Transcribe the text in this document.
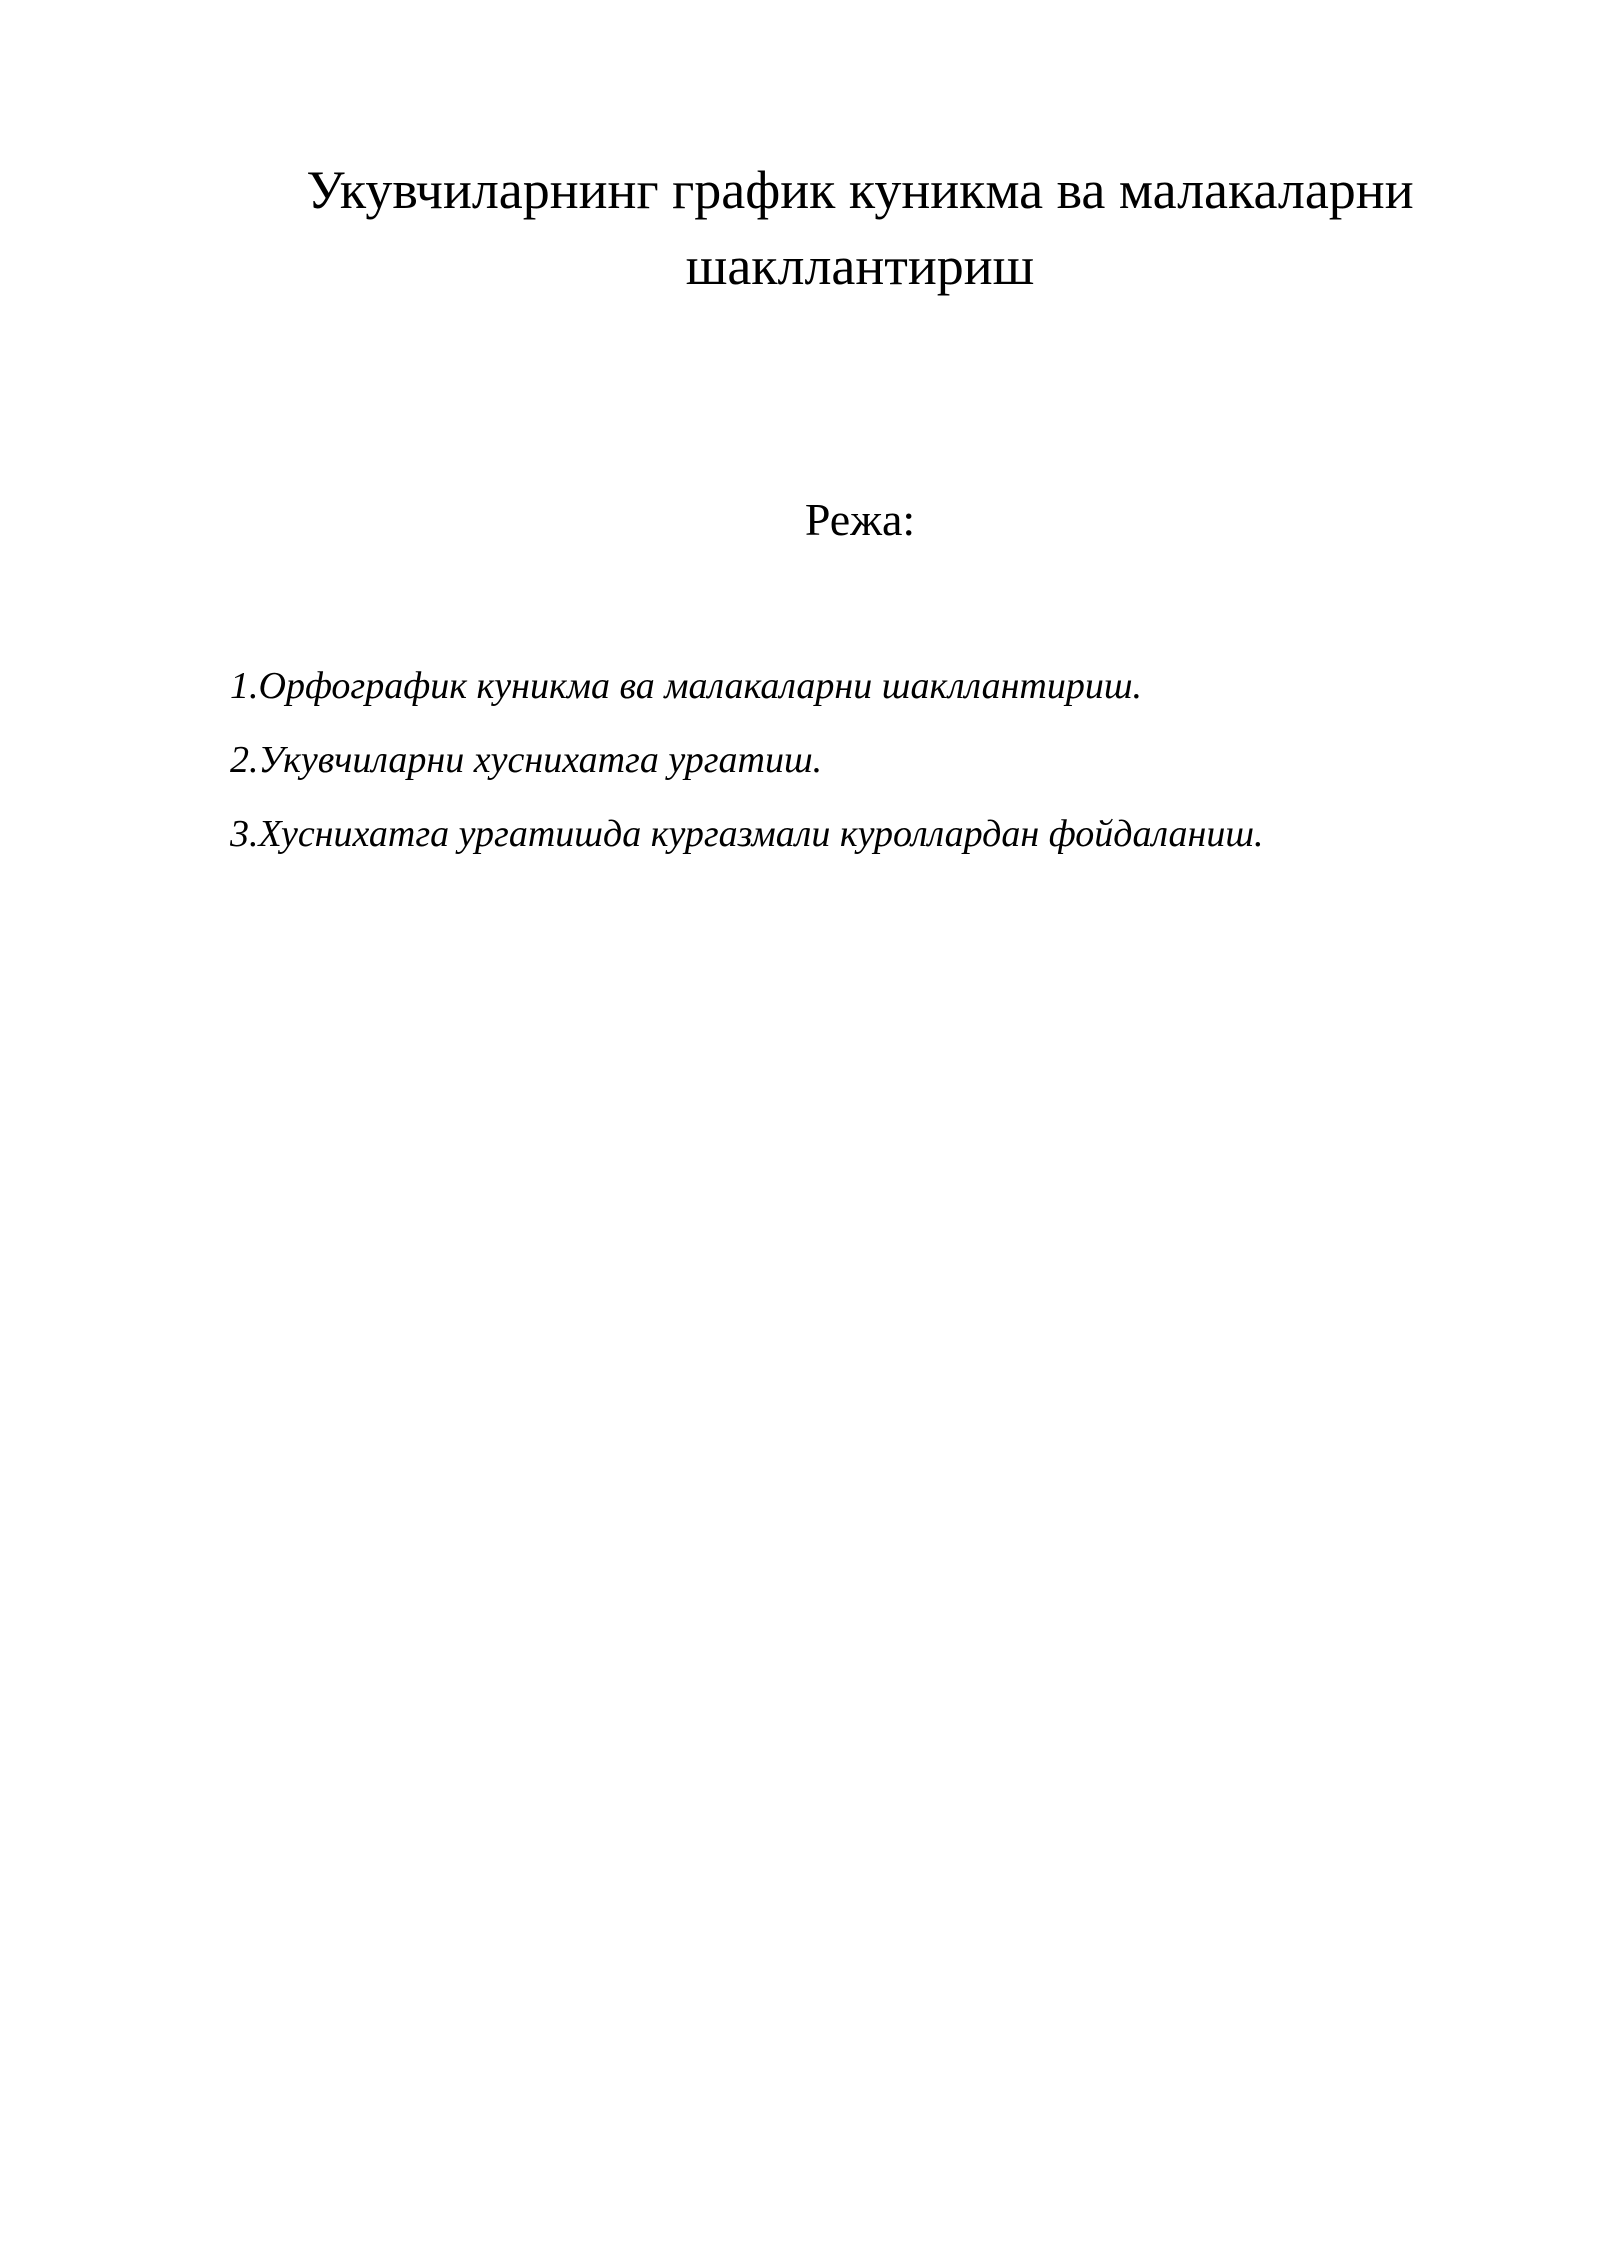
Укувчиларнинг график куникма ва малакаларни
шакллантириш

Режа:

1.Орфографик куникма ва малакаларни шакллантириш.
2.Укувчиларни хуснихатга ургатиш.
3.Хуснихатга ургатишда кургазмали куроллардан фойдаланиш.
